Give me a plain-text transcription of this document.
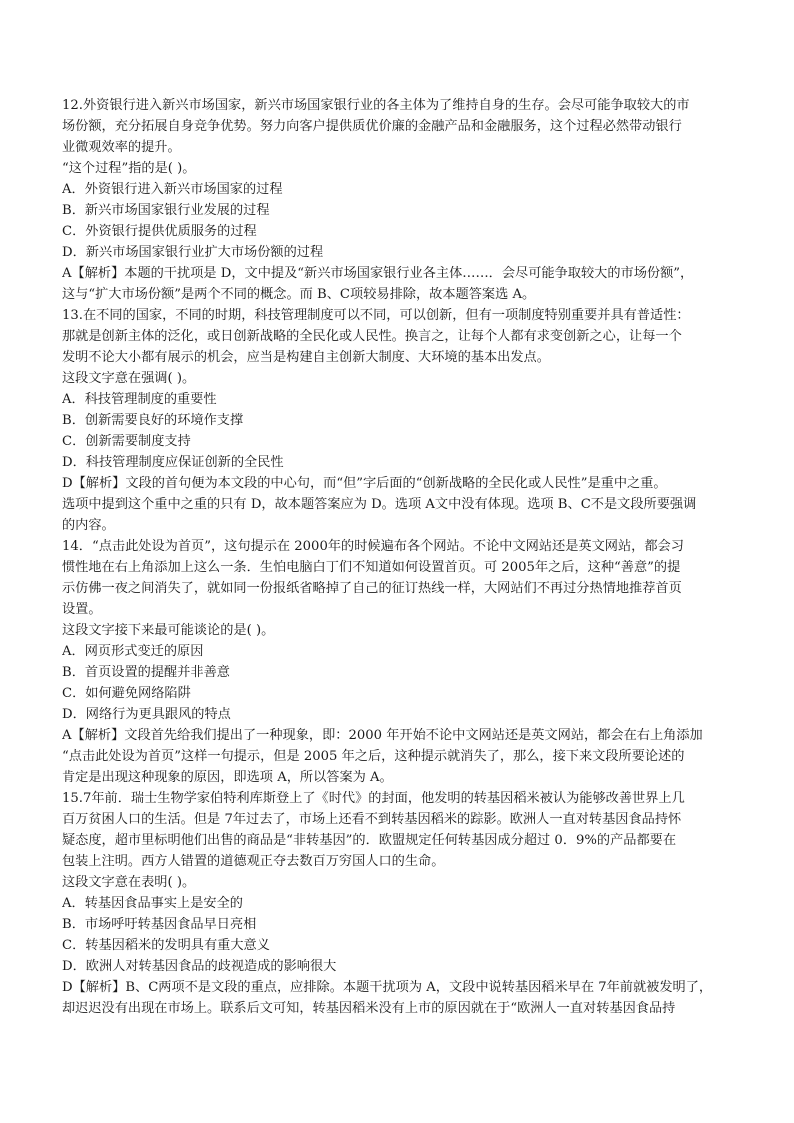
12.外资银行进入新兴市场国家，新兴市场国家银行业的各主体为了维持自身的生存。会尽可能争取较大的市
场份额，充分拓展自身竞争优势。努力向客户提供质优价廉的金融产品和金融服务，这个过程必然带动银行
业微观效率的提升。
“这个过程”指的是( )。
A．外资银行进入新兴市场国家的过程
B．新兴市场国家银行业发展的过程
C．外资银行提供优质服务的过程
D．新兴市场国家银行业扩大市场份额的过程
A【解析】本题的干扰项是 D，文中提及“新兴市场国家银行业各主体……．会尽可能争取较大的市场份额”，
这与“扩大市场份额”是两个不同的概念。而 B、C项较易排除，故本题答案选 A。
13.在不同的国家，不同的时期，科技管理制度可以不同，可以创新，但有一项制度特别重要并具有普适性：
那就是创新主体的泛化，或日创新战略的全民化或人民性。换言之，让每个人都有求变创新之心，让每一个
发明不论大小都有展示的机会，应当是构建自主创新大制度、大环境的基本出发点。
这段文字意在强调( )。
A．科技管理制度的重要性
B．创新需要良好的环境作支撑
C．创新需要制度支持
D．科技管理制度应保证创新的全民性
D【解析】文段的首句便为本文段的中心句，而“但”字后面的“创新战略的全民化或人民性”是重中之重。
选项中提到这个重中之重的只有 D，故本题答案应为 D。选项 A文中没有体现。选项 B、C不是文段所要强调
的内容。
14．“点击此处设为首页”，这句提示在 2000年的时候遍布各个网站。不论中文网站还是英文网站，都会习
惯性地在右上角添加上这么一条．生怕电脑白丁们不知道如何设置首页。可 2005年之后，这种“善意”的提
示仿佛一夜之间消失了，就如同一份报纸省略掉了自己的征订热线一样，大网站们不再过分热情地推荐首页
设置。
这段文字接下来最可能谈论的是( )。
A．网页形式变迁的原因
B．首页设置的提醒并非善意
C．如何避免网络陷阱
D．网络行为更具跟风的特点
A【解析】文段首先给我们提出了一种现象，即：2000 年开始不论中文网站还是英文网站，都会在右上角添加
“点击此处设为首页”这样一句提示，但是 2005 年之后，这种提示就消失了，那么，接下来文段所要论述的
肯定是出现这种现象的原因，即选项 A，所以答案为 A。
15.7年前．瑞士生物学家伯特利库斯登上了《时代》的封面，他发明的转基因稻米被认为能够改善世界上几
百万贫困人口的生活。但是 7年过去了，市场上还看不到转基因稻米的踪影。欧洲人一直对转基因食品持怀
疑态度，超市里标明他们出售的商品是“非转基因”的．欧盟规定任何转基因成分超过 0．9%的产品都要在
包装上注明。西方人错置的道德观正夺去数百万穷国人口的生命。
这段文字意在表明( )。
A．转基因食品事实上是安全的
B．市场呼吁转基因食品早日亮相
C．转基因稻米的发明具有重大意义
D．欧洲人对转基因食品的歧视造成的影响很大
D【解析】B、C两项不是文段的重点，应排除。本题干扰项为 A，文段中说转基因稻米早在 7年前就被发明了，
却迟迟没有出现在市场上。联系后文可知，转基因稻米没有上市的原因就在于“欧洲人一直对转基因食品持
